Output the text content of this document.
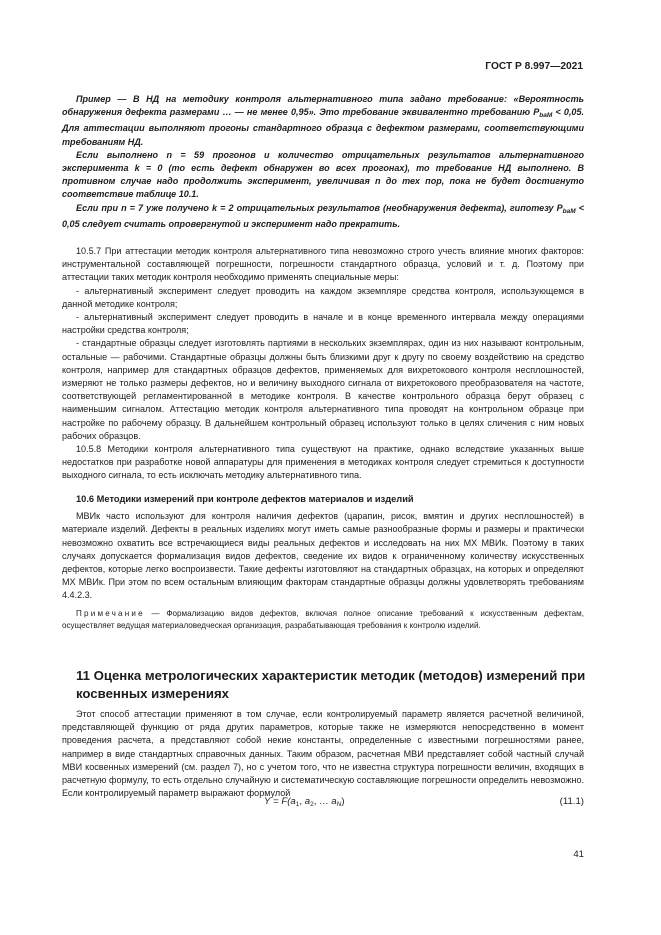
ГОСТ Р 8.997—2021

Пример — В НД на методику контроля альтернативного типа задано требование: «Вероятность обнаружения дефекта размерами … — не менее 0,95». Это требование эквивалентно требованию $P_{baM} < 0,05$. Для аттестации выполняют прогоны стандартного образца с дефектом размерами, соответствующими требованиям НД.

Если выполнено n = 59 прогонов и количество отрицательных результатов альтернативного эксперимента k = 0 (то есть дефект обнаружен во всех прогонах), то требование НД выполнено. В противном случае надо продолжить эксперимент, увеличивая n до тех пор, пока не будет достигнуто соответствие таблице 10.1.

Если при n = 7 уже получено k = 2 отрицательных результатов (необнаружения дефекта), гипотезу $P_{baM} < 0,05$ следует считать опровергнутой и эксперимент надо прекратить.

10.5.7 При аттестации методик контроля альтернативного типа невозможно строго учесть влияние многих факторов: инструментальной составляющей погрешности, погрешности стандартного образца, условий и т. д. Поэтому при аттестации таких методик контроля необходимо применять специальные меры:

- альтернативный эксперимент следует проводить на каждом экземпляре средства контроля, использующемся в данной методике контроля;

- альтернативный эксперимент следует проводить в начале и в конце временного интервала между операциями настройки средства контроля;

- стандартные образцы следует изготовлять партиями в нескольких экземплярах, один из них называют контрольным, остальные — рабочими. Стандартные образцы должны быть близкими друг к другу по своему воздействию на средство контроля, например для стандартных образцов дефектов, применяемых для вихретокового контроля несплошностей, измеряют не только размеры дефектов, но и величину выходного сигнала от вихретокового преобразователя на частоте, соответствующей регламентированной в методике контроля. В качестве контрольного образца берут образец с наименьшим сигналом. Аттестацию методик контроля альтернативного типа проводят на контрольном образце при настройке по рабочему образцу. В дальнейшем контрольный образец используют только в целях сличения с ним новых рабочих образцов.

10.5.8 Методики контроля альтернативного типа существуют на практике, однако вследствие указанных выше недостатков при разработке новой аппаратуры для применения в методиках контроля следует стремиться к доступности выходного сигнала, то есть исключать методику альтернативного типа.

10.6 Методики измерений при контроле дефектов материалов и изделий

МВИк часто используют для контроля наличия дефектов (царапин, рисок, вмятин и других несплошностей) в материале изделий. Дефекты в реальных изделиях могут иметь самые разнообразные формы и размеры и практически невозможно охватить все встречающиеся виды реальных дефектов и исследовать на них МХ МВИк. Поэтому в таких случаях допускается формализация видов дефектов, сведение их видов к ограниченному количеству искусственных дефектов, которые легко воспроизвести. Такие дефекты изготовляют на стандартных образцах, на которых и определяют МХ МВИк. При этом по всем остальным влияющим факторам стандартные образцы должны удовлетворять требованиям 4.4.2.3.

Примечание — Формализацию видов дефектов, включая полное описание требований к искусственным дефектам, осуществляет ведущая материаловедческая организация, разрабатывающая требования к контролю изделий.

11 Оценка метрологических характеристик методик (методов) измерений при косвенных измерениях

Этот способ аттестации применяют в том случае, если контролируемый параметр является расчетной величиной, представляющей функцию от ряда других параметров, которые также не измеряются непосредственно в момент проведения расчета, а представляют собой некие константы, определенные с известными погрешностями ранее, например в виде стандартных справочных данных. Таким образом, расчетная МВИ представляет собой частный случай МВИ косвенных измерений (см. раздел 7), но с учетом того, что не известна структура погрешности величин, входящих в расчетную формулу, то есть отдельно случайную и систематическую составляющие погрешности определить невозможно. Если контролируемый параметр выражают формулой

$Y = F(a_1$, $a_2$, … $a_N$)	(11.1)
41
